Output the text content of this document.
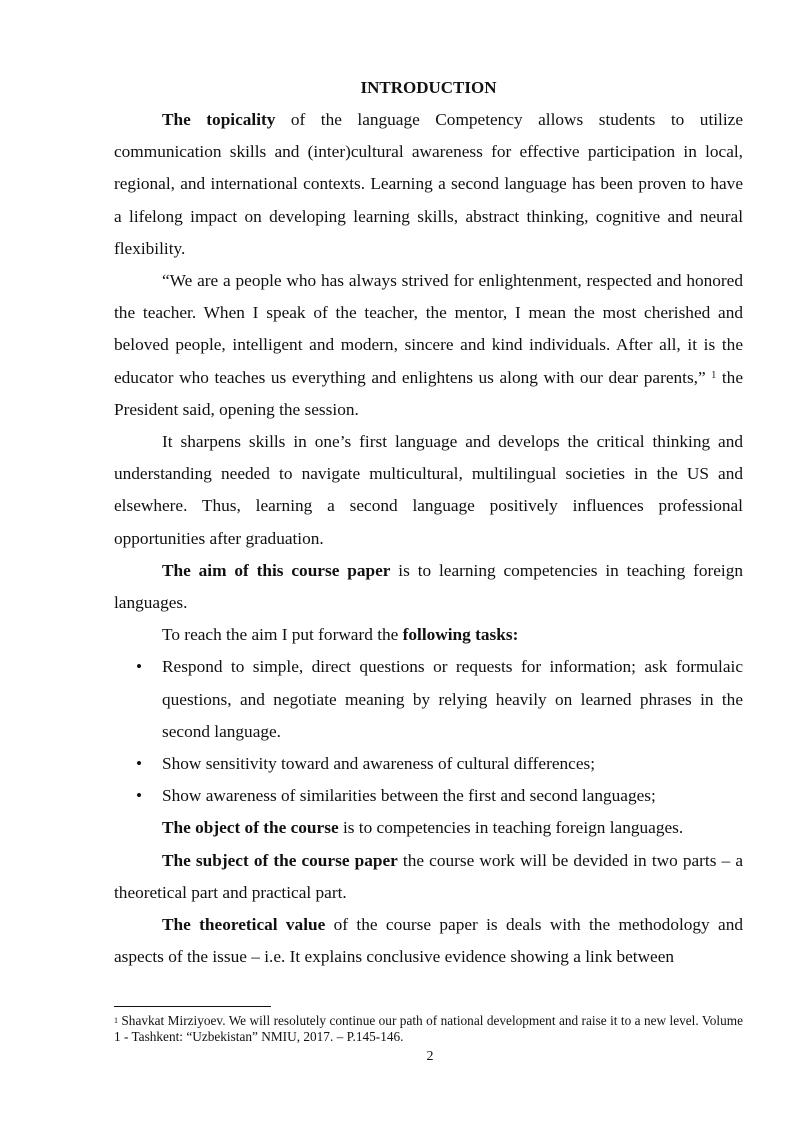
INTRODUCTION

The topicality of the language Competency allows students to utilize communication skills and (inter)cultural awareness for effective participation in local, regional, and international contexts. Learning a second language has been proven to have a lifelong impact on developing learning skills, abstract thinking, cognitive and neural flexibility.

“We are a people who has always strived for enlightenment, respected and honored the teacher. When I speak of the teacher, the mentor, I mean the most cherished and beloved people, intelligent and modern, sincere and kind individuals. After all, it is the educator who teaches us everything and enlightens us along with our dear parents,” $^1$ the President said, opening the session.

It sharpens skills in one’s first language and develops the critical thinking and understanding needed to navigate multicultural, multilingual societies in the US and elsewhere. Thus, learning a second language positively influences professional opportunities after graduation.

The aim of this course paper is to learning competencies in teaching foreign languages.

To reach the aim I put forward the following tasks:

• Respond to simple, direct questions or requests for information; ask formulaic questions, and negotiate meaning by relying heavily on learned phrases in the second language.
• Show sensitivity toward and awareness of cultural differences;
• Show awareness of similarities between the first and second languages;

The object of the course is to competencies in teaching foreign languages.

The subject of the course paper the course work will be devided in two parts – a theoretical part and practical part.

The theoretical value of the course paper is deals with the methodology and aspects of the issue – i.e. It explains conclusive evidence showing a link between

$^1$ Shavkat Mirziyoev. We will resolutely continue our path of national development and raise it to a new level. Volume 1 - Tashkent: “Uzbekistan” NMIU, 2017. – P.145-146.

2
